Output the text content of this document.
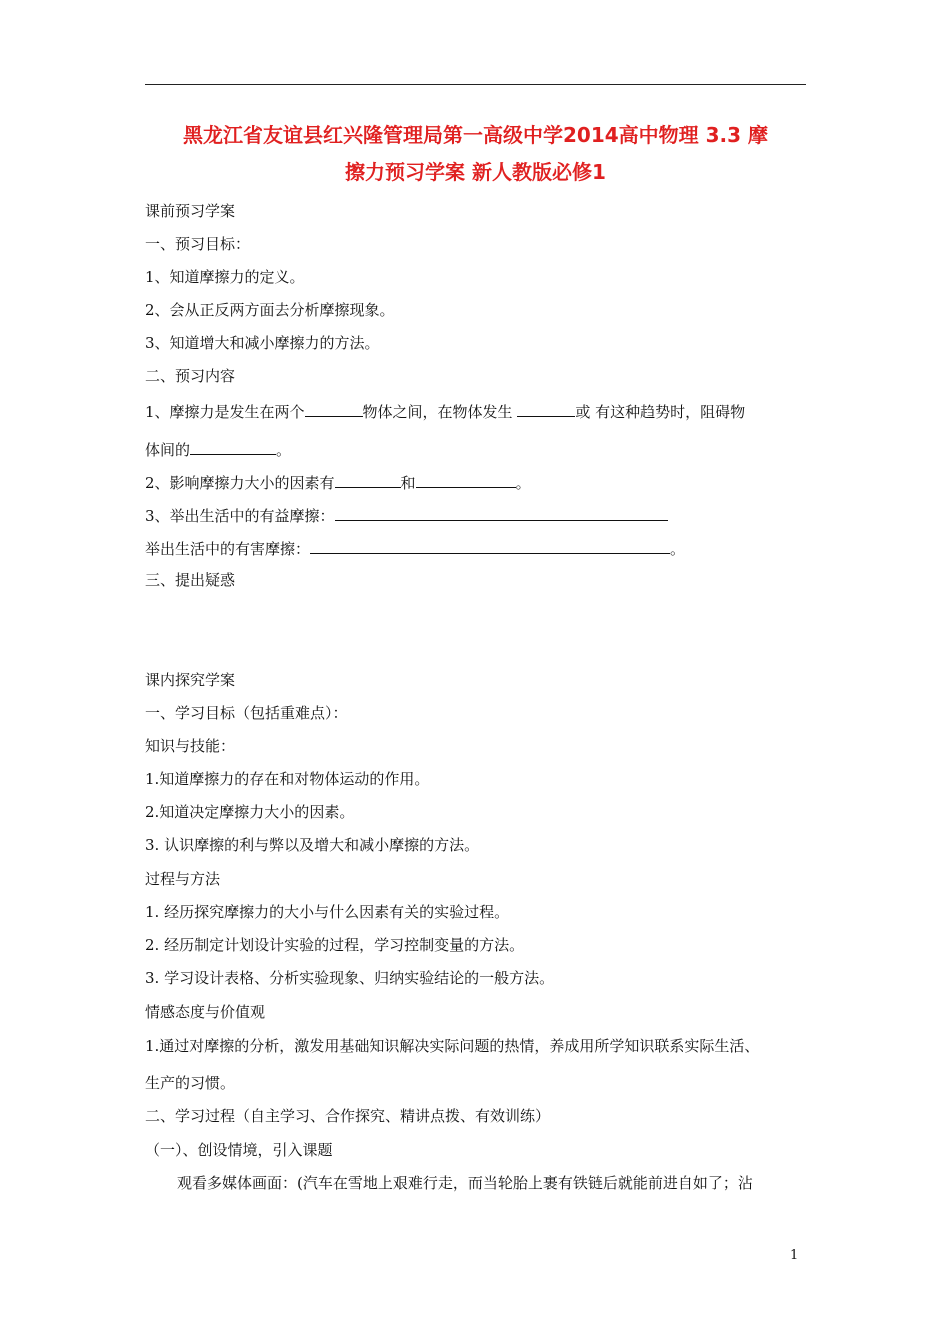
黑龙江省友谊县红兴隆管理局第一高级中学2014高中物理 3.3 摩
擦力预习学案 新人教版必修1
课前预习学案
一、预习目标：
1、知道摩擦力的定义。
2、会从正反两方面去分析摩擦现象。
3、知道增大和减小摩擦力的方法。
二、预习内容
1、摩擦力是发生在两个	物体之间，在物体发生	或 有这种趋势时，阻碍物
体间的	。
2、影响摩擦力大小的因素有	和	。
3、举出生活中的有益摩擦：
举出生活中的有害摩擦：	。
三、提出疑惑
课内探究学案
一、学习目标（包括重难点）：
知识与技能：
1.知道摩擦力的存在和对物体运动的作用。
2.知道决定摩擦力大小的因素。
3. 认识摩擦的利与弊以及增大和减小摩擦的方法。
过程与方法
1. 经历探究摩擦力的大小与什么因素有关的实验过程。
2. 经历制定计划设计实验的过程，学习控制变量的方法。
3. 学习设计表格、分析实验现象、归纳实验结论的一般方法。
情感态度与价值观
1.通过对摩擦的分析，激发用基础知识解决实际问题的热情，养成用所学知识联系实际生活、
生产的习惯。
二、学习过程（自主学习、合作探究、精讲点拨、有效训练）
（一）、创设情境，引入课题
观看多媒体画面：(汽车在雪地上艰难行走，而当轮胎上裹有铁链后就能前进自如了；沾
1
